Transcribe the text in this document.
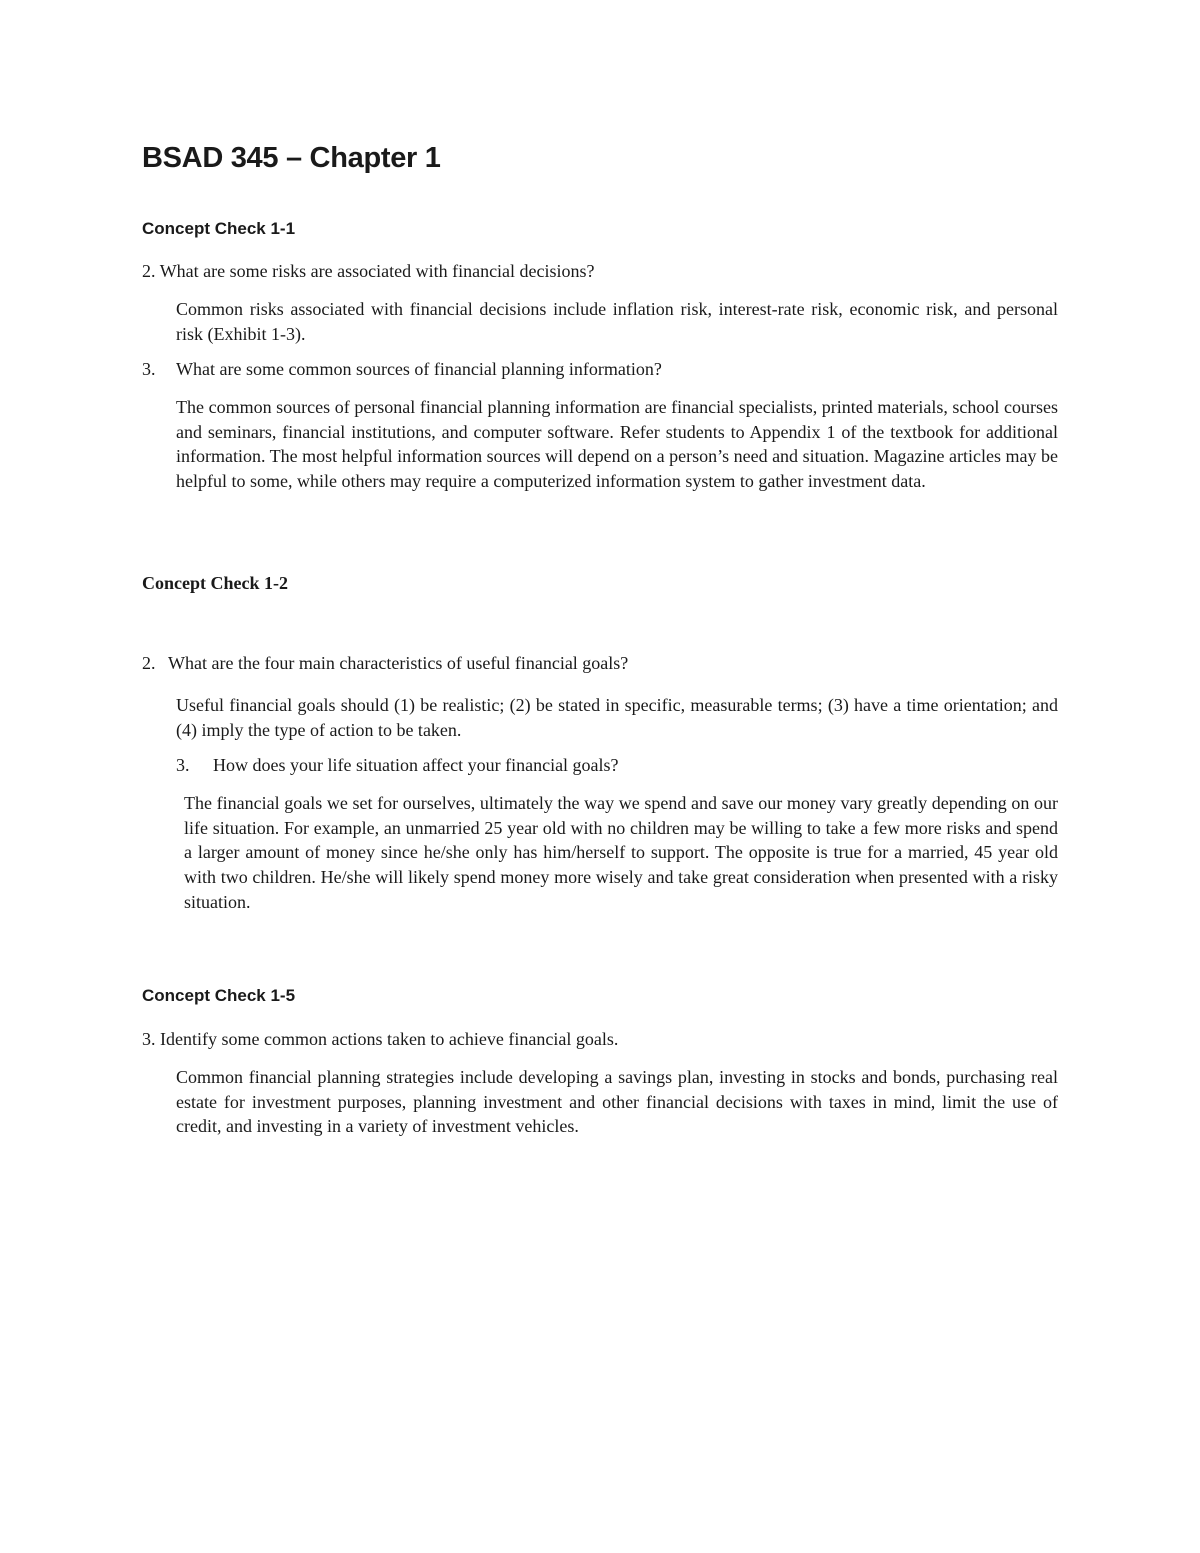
BSAD 345 – Chapter 1
Concept Check 1-1
2. What are some risks are associated with financial decisions?
Common risks associated with financial decisions include inflation risk, interest-rate risk, economic risk, and personal risk (Exhibit 1-3).
3. What are some common sources of financial planning information?
The common sources of personal financial planning information are financial specialists, printed materials, school courses and seminars, financial institutions, and computer software. Refer students to Appendix 1 of the textbook for additional information. The most helpful information sources will depend on a person’s need and situation. Magazine articles may be helpful to some, while others may require a computerized information system to gather investment data.
Concept Check 1-2
2. What are the four main characteristics of useful financial goals?
Useful financial goals should (1) be realistic; (2) be stated in specific, measurable terms; (3) have a time orientation; and (4) imply the type of action to be taken.
3. How does your life situation affect your financial goals?
The financial goals we set for ourselves, ultimately the way we spend and save our money vary greatly depending on our life situation. For example, an unmarried 25 year old with no children may be willing to take a few more risks and spend a larger amount of money since he/she only has him/herself to support. The opposite is true for a married, 45 year old with two children. He/she will likely spend money more wisely and take great consideration when presented with a risky situation.
Concept Check 1-5
3. Identify some common actions taken to achieve financial goals.
Common financial planning strategies include developing a savings plan, investing in stocks and bonds, purchasing real estate for investment purposes, planning investment and other financial decisions with taxes in mind, limit the use of credit, and investing in a variety of investment vehicles.
